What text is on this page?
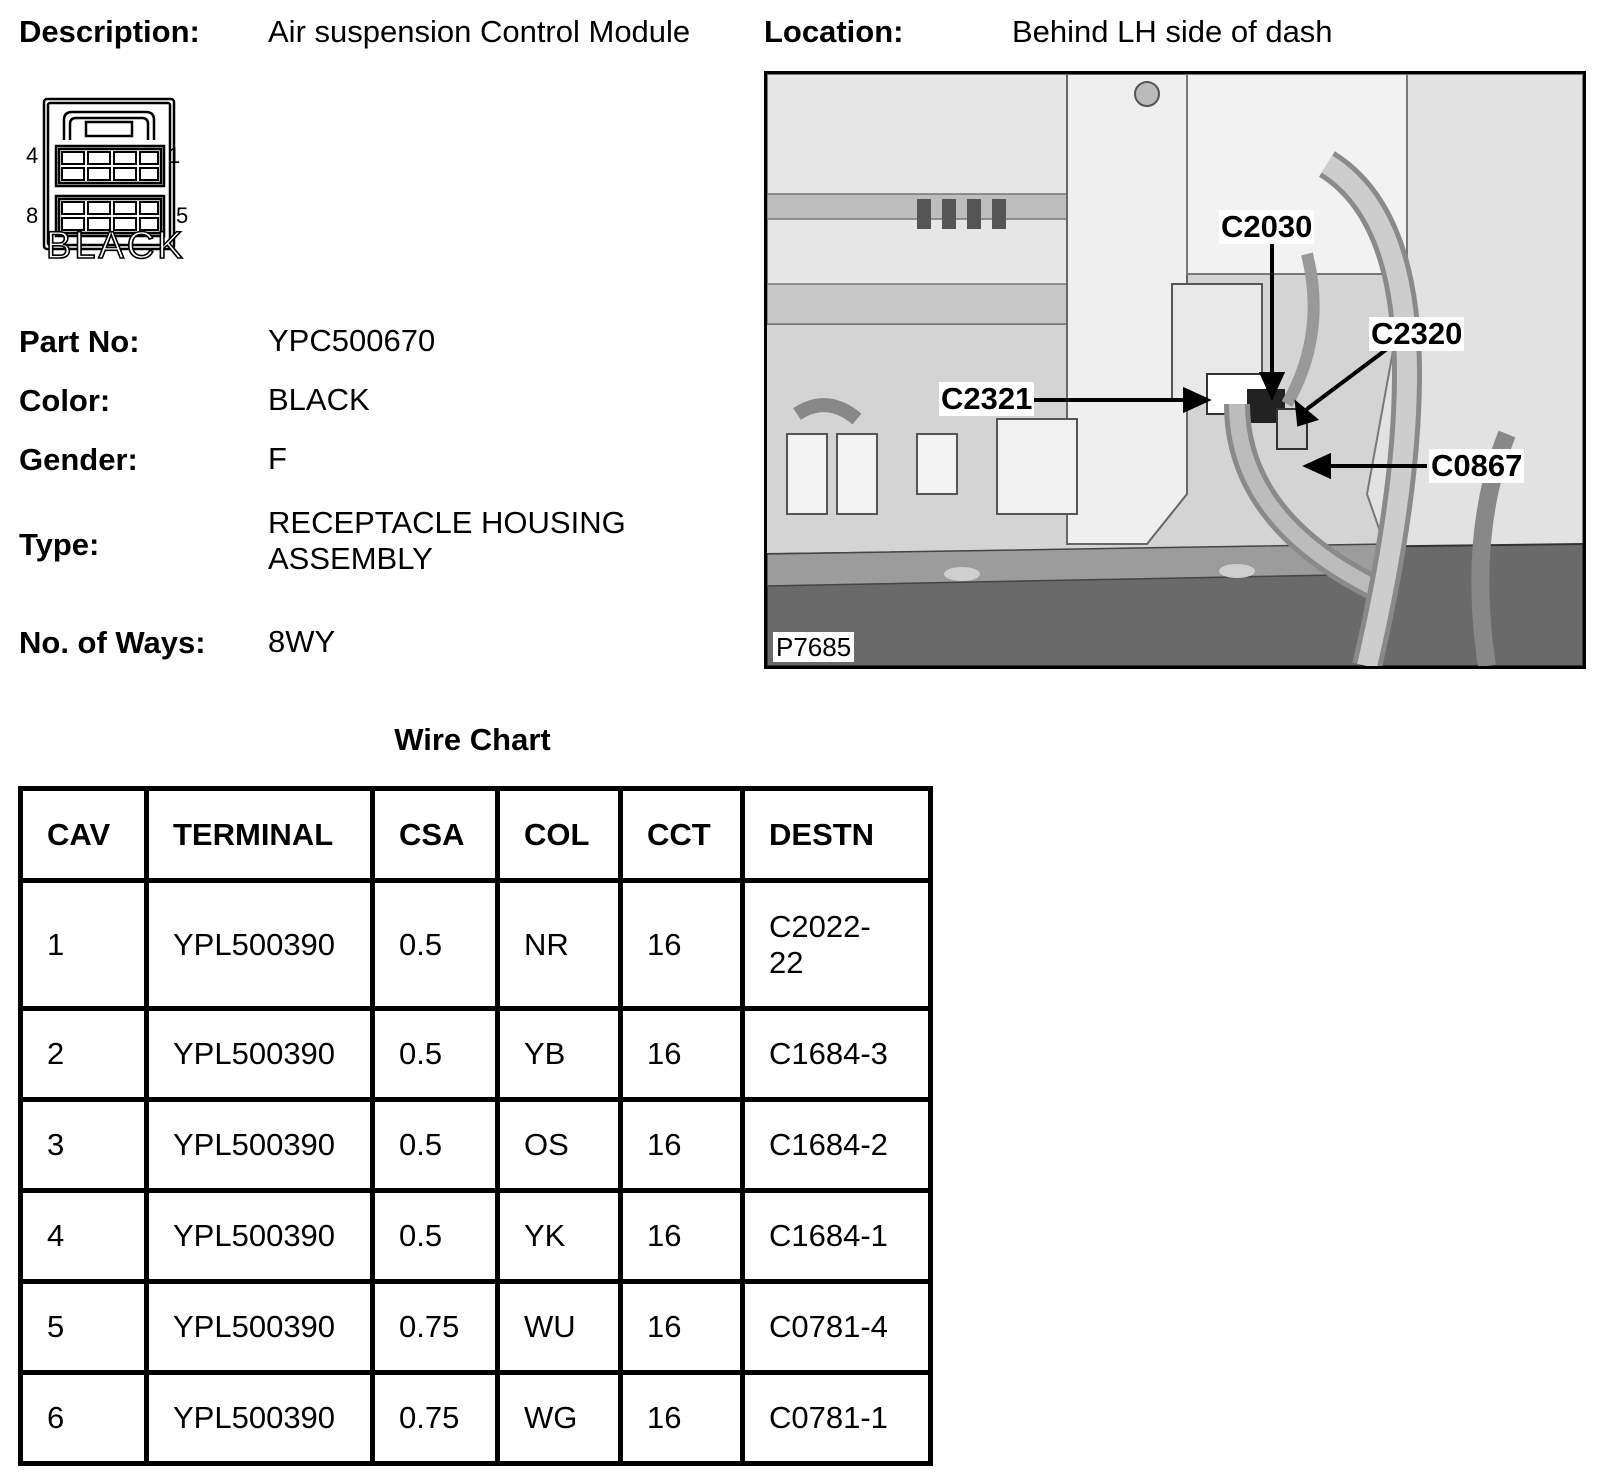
Description: Air suspension Control Module Location:	Behind LH side of dash
4	1
8	5
BLACK
Part No:	YPC500670
Color:	BLACK
Gender:	F
Type:
RECEPTACLE HOUSING ASSEMBLY
No. of Ways: 8WY
C2030
C2320
C2321
C0867
P7685
Wire Chart
CAV	TERMINAL	CSA	COL	CCT	DESTN
1	YPL500390	0.5	NR	16	C2022-22
2	YPL500390	0.5	YB	16	C1684-3
3	YPL500390	0.5	OS	16	C1684-2
4	YPL500390	0.5	YK	16	C1684-1
5	YPL500390	0.75	WU	16	C0781-4
6	YPL500390	0.75	WG	16	C0781-1
